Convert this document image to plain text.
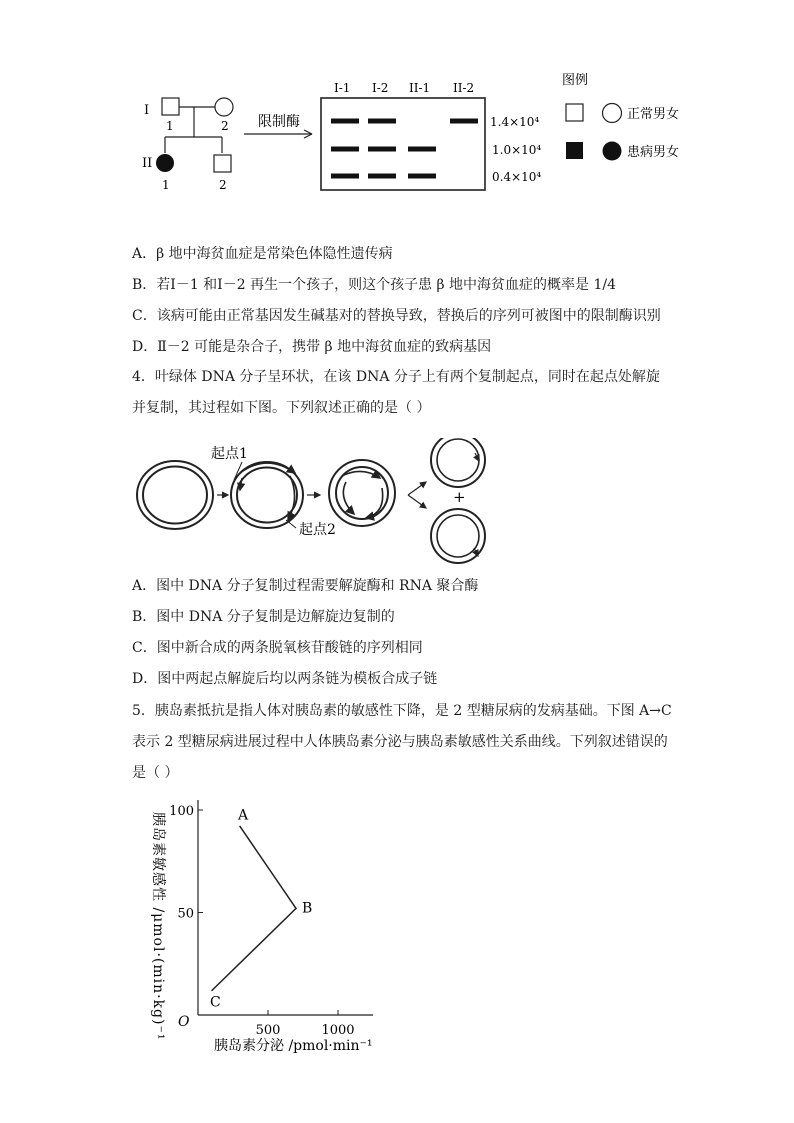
I
1	2
II
1	2
限制酶
I-1 I-2 II-1 II-2
1.4×10⁴
1.0×10⁴
0.4×10⁴
图例
正常男女
患病男女
A．β 地中海贫血症是常染色体隐性遗传病
B．若Ⅰ－1 和Ⅰ－2 再生一个孩子，则这个孩子患 β 地中海贫血症的概率是 1/4
C．该病可能由正常基因发生碱基对的替换导致，替换后的序列可被图中的限制酶识别
D．Ⅱ－2 可能是杂合子，携带 β 地中海贫血症的致病基因
4．叶绿体 DNA 分子呈环状，在该 DNA 分子上有两个复制起点，同时在起点处解旋并复制，其过程如下图。下列叙述正确的是（ ）
起点1
起点2
+
A．图中 DNA 分子复制过程需要解旋酶和 RNA 聚合酶
B．图中 DNA 分子复制是边解旋边复制的
C．图中新合成的两条脱氧核苷酸链的序列相同
D．图中两起点解旋后均以两条链为模板合成子链
5．胰岛素抵抗是指人体对胰岛素的敏感性下降，是 2 型糖尿病的发病基础。下图 A→C 表示 2 型糖尿病进展过程中人体胰岛素分泌与胰岛素敏感性关系曲线。下列叙述错误的是（ ）
O
50
100
500	1000
A
B
C
胰岛素分泌 /pmol·min⁻¹
胰岛素敏感性 /μmol·(min·kg)⁻¹
